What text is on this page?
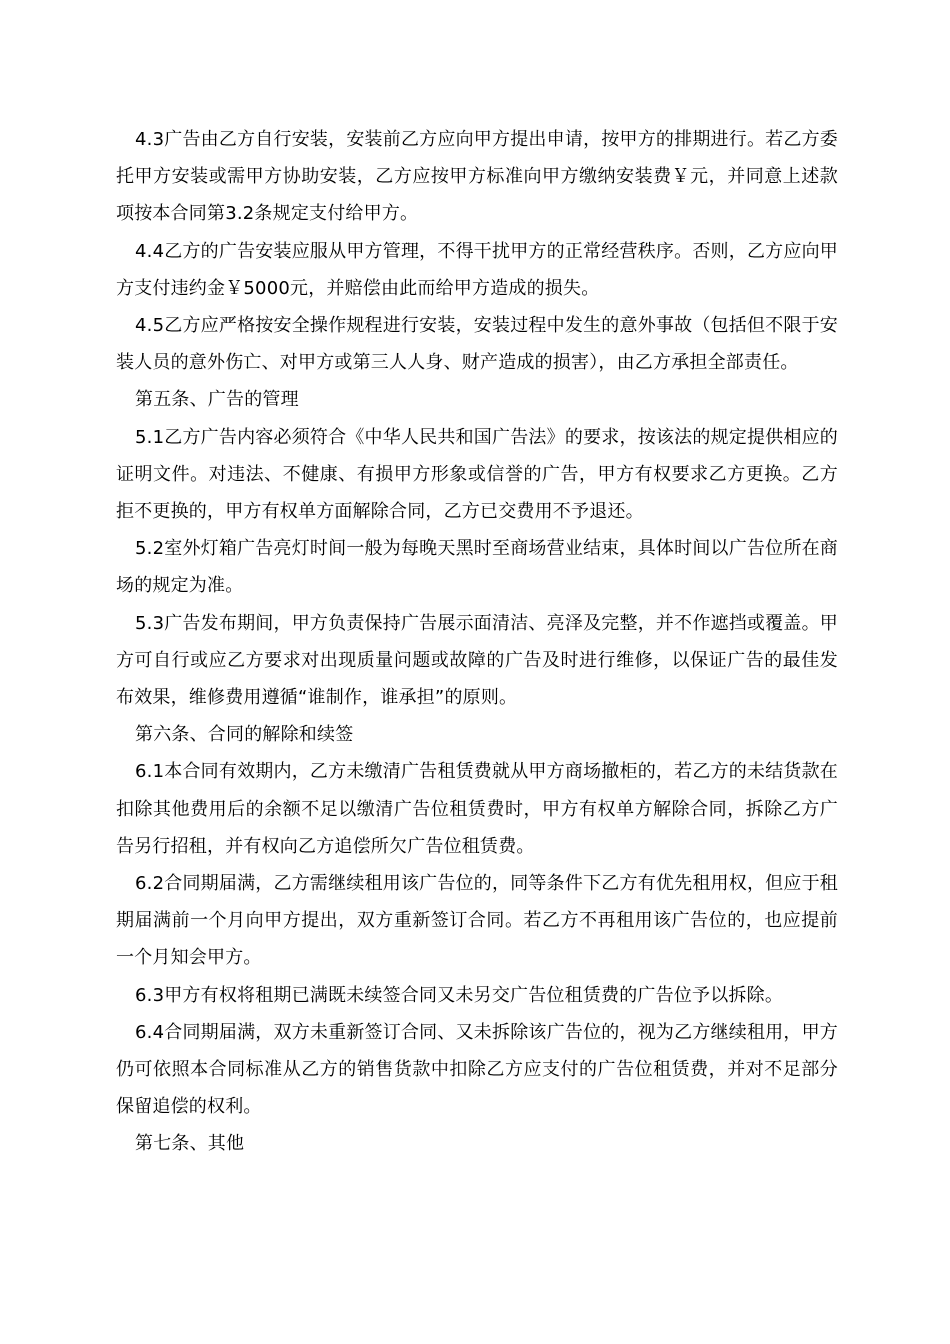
4.3广告由乙方自行安装，安装前乙方应向甲方提出申请，按甲方的排期进行。若乙方委托甲方安装或需甲方协助安装，乙方应按甲方标准向甲方缴纳安装费￥元，并同意上述款项按本合同第3.2条规定支付给甲方。

4.4乙方的广告安装应服从甲方管理，不得干扰甲方的正常经营秩序。否则，乙方应向甲方支付违约金￥5000元，并赔偿由此而给甲方造成的损失。

4.5乙方应严格按安全操作规程进行安装，安装过程中发生的意外事故（包括但不限于安装人员的意外伤亡、对甲方或第三人人身、财产造成的损害），由乙方承担全部责任。

第五条、广告的管理

5.1乙方广告内容必须符合《中华人民共和国广告法》的要求，按该法的规定提供相应的证明文件。对违法、不健康、有损甲方形象或信誉的广告，甲方有权要求乙方更换。乙方拒不更换的，甲方有权单方面解除合同，乙方已交费用不予退还。

5.2室外灯箱广告亮灯时间一般为每晚天黑时至商场营业结束，具体时间以广告位所在商场的规定为准。

5.3广告发布期间，甲方负责保持广告展示面清洁、亮泽及完整，并不作遮挡或覆盖。甲方可自行或应乙方要求对出现质量问题或故障的广告及时进行维修，以保证广告的最佳发布效果，维修费用遵循“谁制作，谁承担”的原则。

第六条、合同的解除和续签

6.1本合同有效期内，乙方未缴清广告租赁费就从甲方商场撤柜的，若乙方的未结货款在扣除其他费用后的余额不足以缴清广告位租赁费时，甲方有权单方解除合同，拆除乙方广告另行招租，并有权向乙方追偿所欠广告位租赁费。

6.2合同期届满，乙方需继续租用该广告位的，同等条件下乙方有优先租用权，但应于租期届满前一个月向甲方提出，双方重新签订合同。若乙方不再租用该广告位的，也应提前一个月知会甲方。

6.3甲方有权将租期已满既未续签合同又未另交广告位租赁费的广告位予以拆除。

6.4合同期届满，双方未重新签订合同、又未拆除该广告位的，视为乙方继续租用，甲方仍可依照本合同标准从乙方的销售货款中扣除乙方应支付的广告位租赁费，并对不足部分保留追偿的权利。

第七条、其他
